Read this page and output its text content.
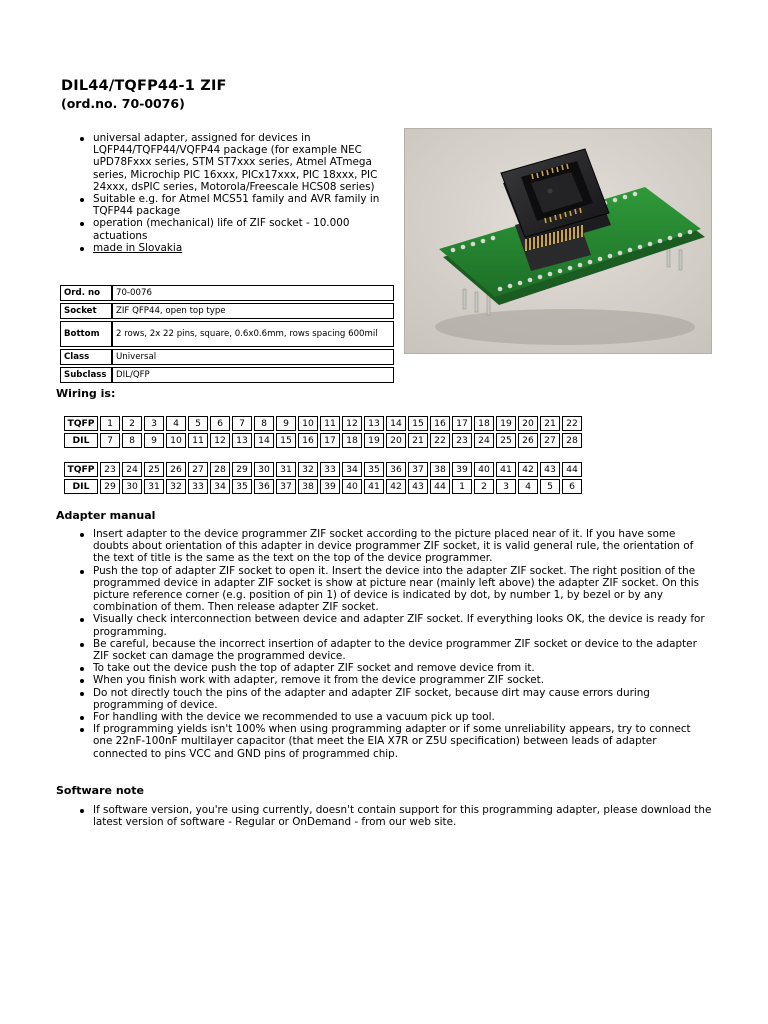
DIL44/TQFP44-1 ZIF
(ord.no. 70-0076)
universal adapter, assigned for devices in LQFP44/TQFP44/VQFP44 package (for example NEC uPD78Fxxx series, STM ST7xxx series, Atmel ATmega series, Microchip PIC 16xxx, PICx17xxx, PIC 18xxx, PIC 24xxx, dsPIC series, Motorola/Freescale HCS08 series)
Suitable e.g. for Atmel MCS51 family and AVR family in TQFP44 package
operation (mechanical) life of ZIF socket - 10.000 actuations
made in Slovakia
Ord. no	70-0076
Socket	ZIF QFP44, open top type
Bottom	2 rows, 2x 22 pins, square, 0.6x0.6mm, rows spacing 600mil
Class	Universal
Subclass	DIL/QFP
Wiring is:
TQFP	1	2	3	4	5	6	7	8	9	10	11	12	13	14	15	16	17	18	19	20	21	22
DIL	7	8	9	10	11	12	13	14	15	16	17	18	19	20	21	22	23	24	25	26	27	28
TQFP	23	24	25	26	27	28	29	30	31	32	33	34	35	36	37	38	39	40	41	42	43	44
DIL	29	30	31	32	33	34	35	36	37	38	39	40	41	42	43	44	1	2	3	4	5	6
Adapter manual
Insert adapter to the device programmer ZIF socket according to the picture placed near of it. If you have some doubts about orientation of this adapter in device programmer ZIF socket, it is valid general rule, the orientation of the text of title is the same as the text on the top of the device programmer.
Push the top of adapter ZIF socket to open it. Insert the device into the adapter ZIF socket. The right position of the programmed device in adapter ZIF socket is show at picture near (mainly left above) the adapter ZIF socket. On this picture reference corner (e.g. position of pin 1) of device is indicated by dot, by number 1, by bezel or by any combination of them. Then release adapter ZIF socket.
Visually check interconnection between device and adapter ZIF socket. If everything looks OK, the device is ready for programming.
Be careful, because the incorrect insertion of adapter to the device programmer ZIF socket or device to the adapter ZIF socket can damage the programmed device.
To take out the device push the top of adapter ZIF socket and remove device from it.
When you finish work with adapter, remove it from the device programmer ZIF socket.
Do not directly touch the pins of the adapter and adapter ZIF socket, because dirt may cause errors during programming of device.
For handling with the device we recommended to use a vacuum pick up tool.
If programming yields isn't 100% when using programming adapter or if some unreliability appears, try to connect one 22nF-100nF multilayer capacitor (that meet the EIA X7R or Z5U specification) between leads of adapter connected to pins VCC and GND pins of programmed chip.
Software note
If software version, you're using currently, doesn't contain support for this programming adapter, please download the latest version of software - Regular or OnDemand - from our web site.
